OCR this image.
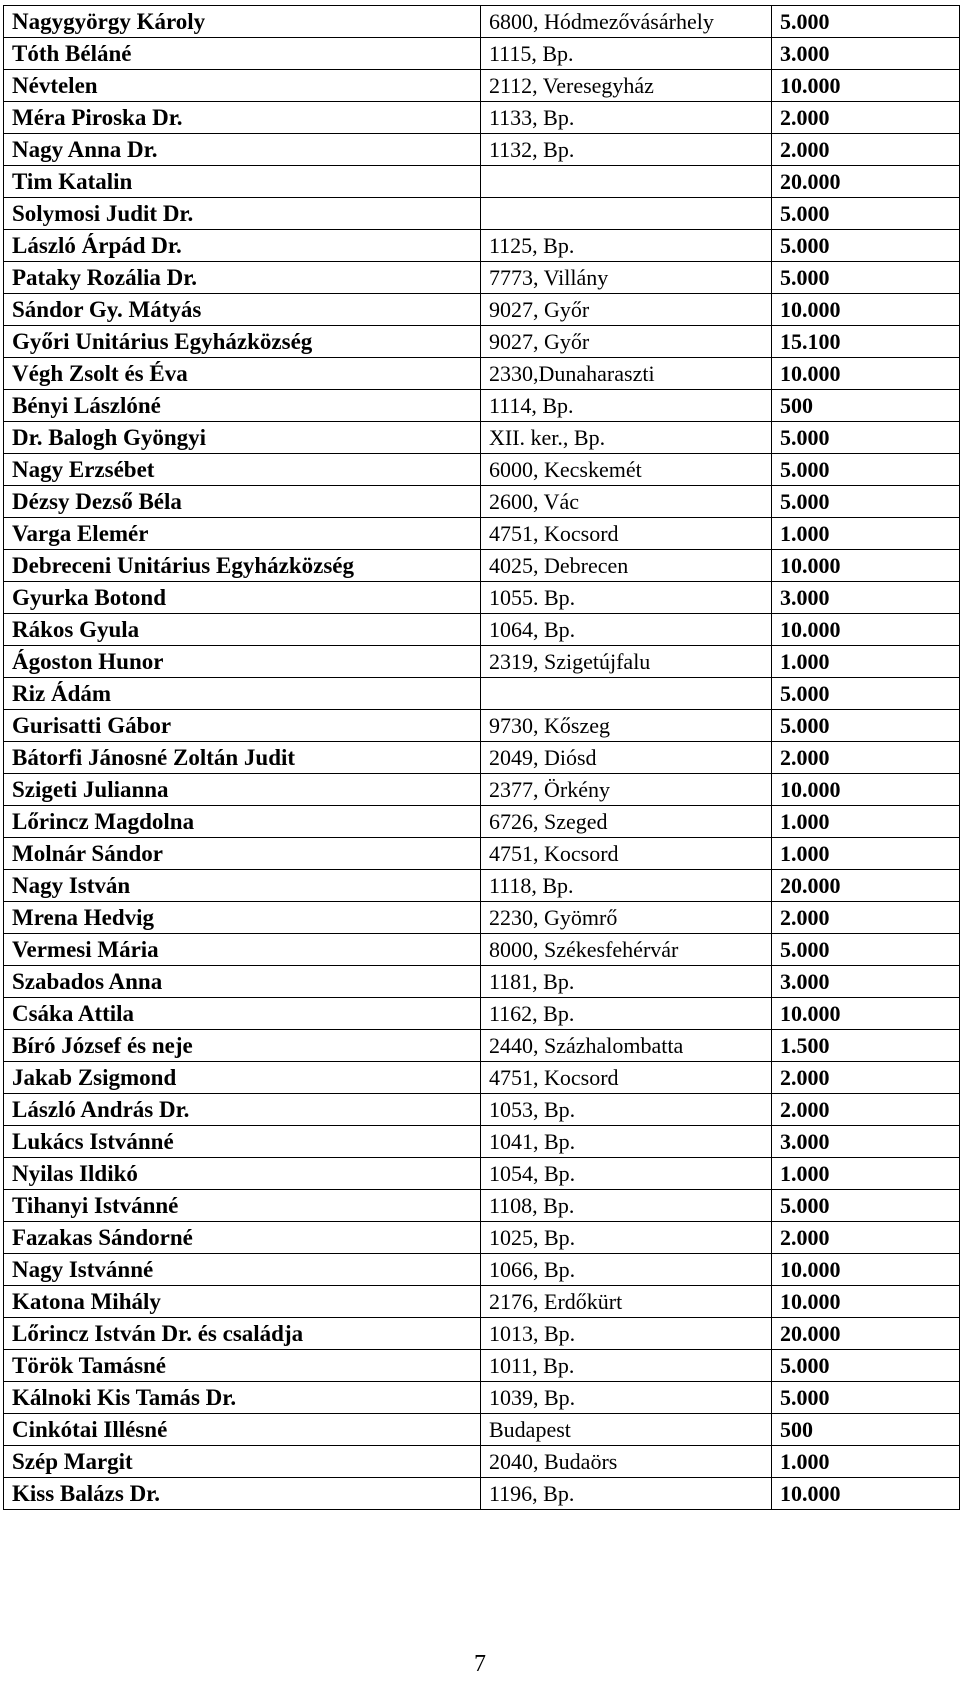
Nagygyörgy Károly	6800, Hódmezővásárhely	5.000
Tóth Béláné	1115, Bp.	3.000
Névtelen	2112, Veresegyház	10.000
Méra Piroska Dr.	1133, Bp.	2.000
Nagy Anna Dr.	1132, Bp.	2.000
Tim Katalin		20.000
Solymosi Judit Dr.		5.000
László Árpád Dr.	1125, Bp.	5.000
Pataky Rozália Dr.	7773, Villány	5.000
Sándor Gy. Mátyás	9027, Győr	10.000
Győri Unitárius Egyházközség	9027, Győr	15.100
Végh Zsolt és Éva	2330,Dunaharaszti	10.000
Bényi Lászlóné	1114, Bp.	500
Dr. Balogh Gyöngyi	XII. ker., Bp.	5.000
Nagy Erzsébet	6000, Kecskemét	5.000
Dézsy Dezső Béla	2600, Vác	5.000
Varga Elemér	4751, Kocsord	1.000
Debreceni Unitárius Egyházközség	4025, Debrecen	10.000
Gyurka Botond	1055. Bp.	3.000
Rákos Gyula	1064, Bp.	10.000
Ágoston Hunor	2319, Szigetújfalu	1.000
Riz Ádám		5.000
Gurisatti Gábor	9730, Kőszeg	5.000
Bátorfi Jánosné Zoltán Judit	2049, Diósd	2.000
Szigeti Julianna	2377, Örkény	10.000
Lőrincz Magdolna	6726, Szeged	1.000
Molnár Sándor	4751, Kocsord	1.000
Nagy István	1118, Bp.	20.000
Mrena Hedvig	2230, Gyömrő	2.000
Vermesi Mária	8000, Székesfehérvár	5.000
Szabados Anna	1181, Bp.	3.000
Csáka Attila	1162, Bp.	10.000
Bíró József és neje	2440, Százhalombatta	1.500
Jakab Zsigmond	4751, Kocsord	2.000
László András Dr.	1053, Bp.	2.000
Lukács Istvánné	1041, Bp.	3.000
Nyilas Ildikó	1054, Bp.	1.000
Tihanyi Istvánné	1108, Bp.	5.000
Fazakas Sándorné	1025, Bp.	2.000
Nagy Istvánné	1066, Bp.	10.000
Katona Mihály	2176, Erdőkürt	10.000
Lőrincz István Dr. és családja	1013, Bp.	20.000
Török Tamásné	1011, Bp.	5.000
Kálnoki Kis Tamás Dr.	1039, Bp.	5.000
Cinkótai Illésné	Budapest	500
Szép Margit	2040, Budaörs	1.000
Kiss Balázs Dr.	1196, Bp.	10.000
7
